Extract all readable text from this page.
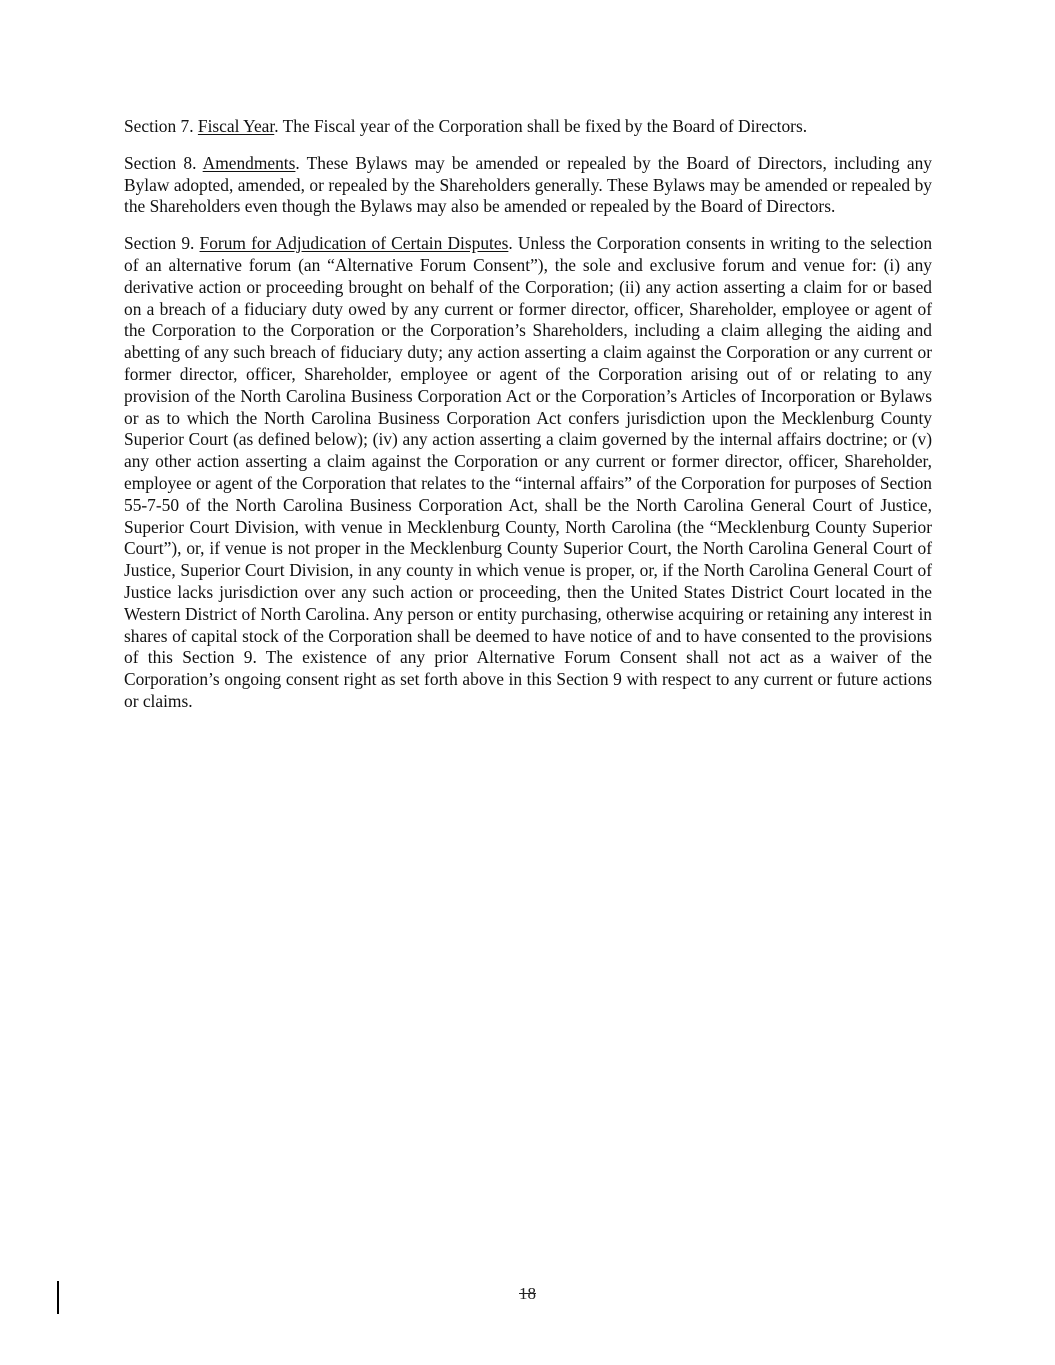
Section 7. Fiscal Year. The Fiscal year of the Corporation shall be fixed by the Board of Directors.

Section 8. Amendments. These Bylaws may be amended or repealed by the Board of Directors, including any Bylaw adopted, amended, or repealed by the Shareholders generally. These Bylaws may be amended or repealed by the Shareholders even though the Bylaws may also be amended or repealed by the Board of Directors.

Section 9. Forum for Adjudication of Certain Disputes. Unless the Corporation consents in writing to the selection of an alternative forum (an “Alternative Forum Consent”), the sole and exclusive forum and venue for: (i) any derivative action or proceeding brought on behalf of the Corporation; (ii) any action asserting a claim for or based on a breach of a fiduciary duty owed by any current or former director, officer, Shareholder, employee or agent of the Corporation to the Corporation or the Corporation’s Shareholders, including a claim alleging the aiding and abetting of any such breach of fiduciary duty; any action asserting a claim against the Corporation or any current or former director, officer, Shareholder, employee or agent of the Corporation arising out of or relating to any provision of the North Carolina Business Corporation Act or the Corporation’s Articles of Incorporation or Bylaws or as to which the North Carolina Business Corporation Act confers jurisdiction upon the Mecklenburg County Superior Court (as defined below); (iv) any action asserting a claim governed by the internal affairs doctrine; or (v) any other action asserting a claim against the Corporation or any current or former director, officer, Shareholder, employee or agent of the Corporation that relates to the “internal affairs” of the Corporation for purposes of Section 55-7-50 of the North Carolina Business Corporation Act, shall be the North Carolina General Court of Justice, Superior Court Division, with venue in Mecklenburg County, North Carolina (the “Mecklenburg County Superior Court”), or, if venue is not proper in the Mecklenburg County Superior Court, the North Carolina General Court of Justice, Superior Court Division, in any county in which venue is proper, or, if the North Carolina General Court of Justice lacks jurisdiction over any such action or proceeding, then the United States District Court located in the Western District of North Carolina. Any person or entity purchasing, otherwise acquiring or retaining any interest in shares of capital stock of the Corporation shall be deemed to have notice of and to have consented to the provisions of this Section 9. The existence of any prior Alternative Forum Consent shall not act as a waiver of the Corporation’s ongoing consent right as set forth above in this Section 9 with respect to any current or future actions or claims.

18
